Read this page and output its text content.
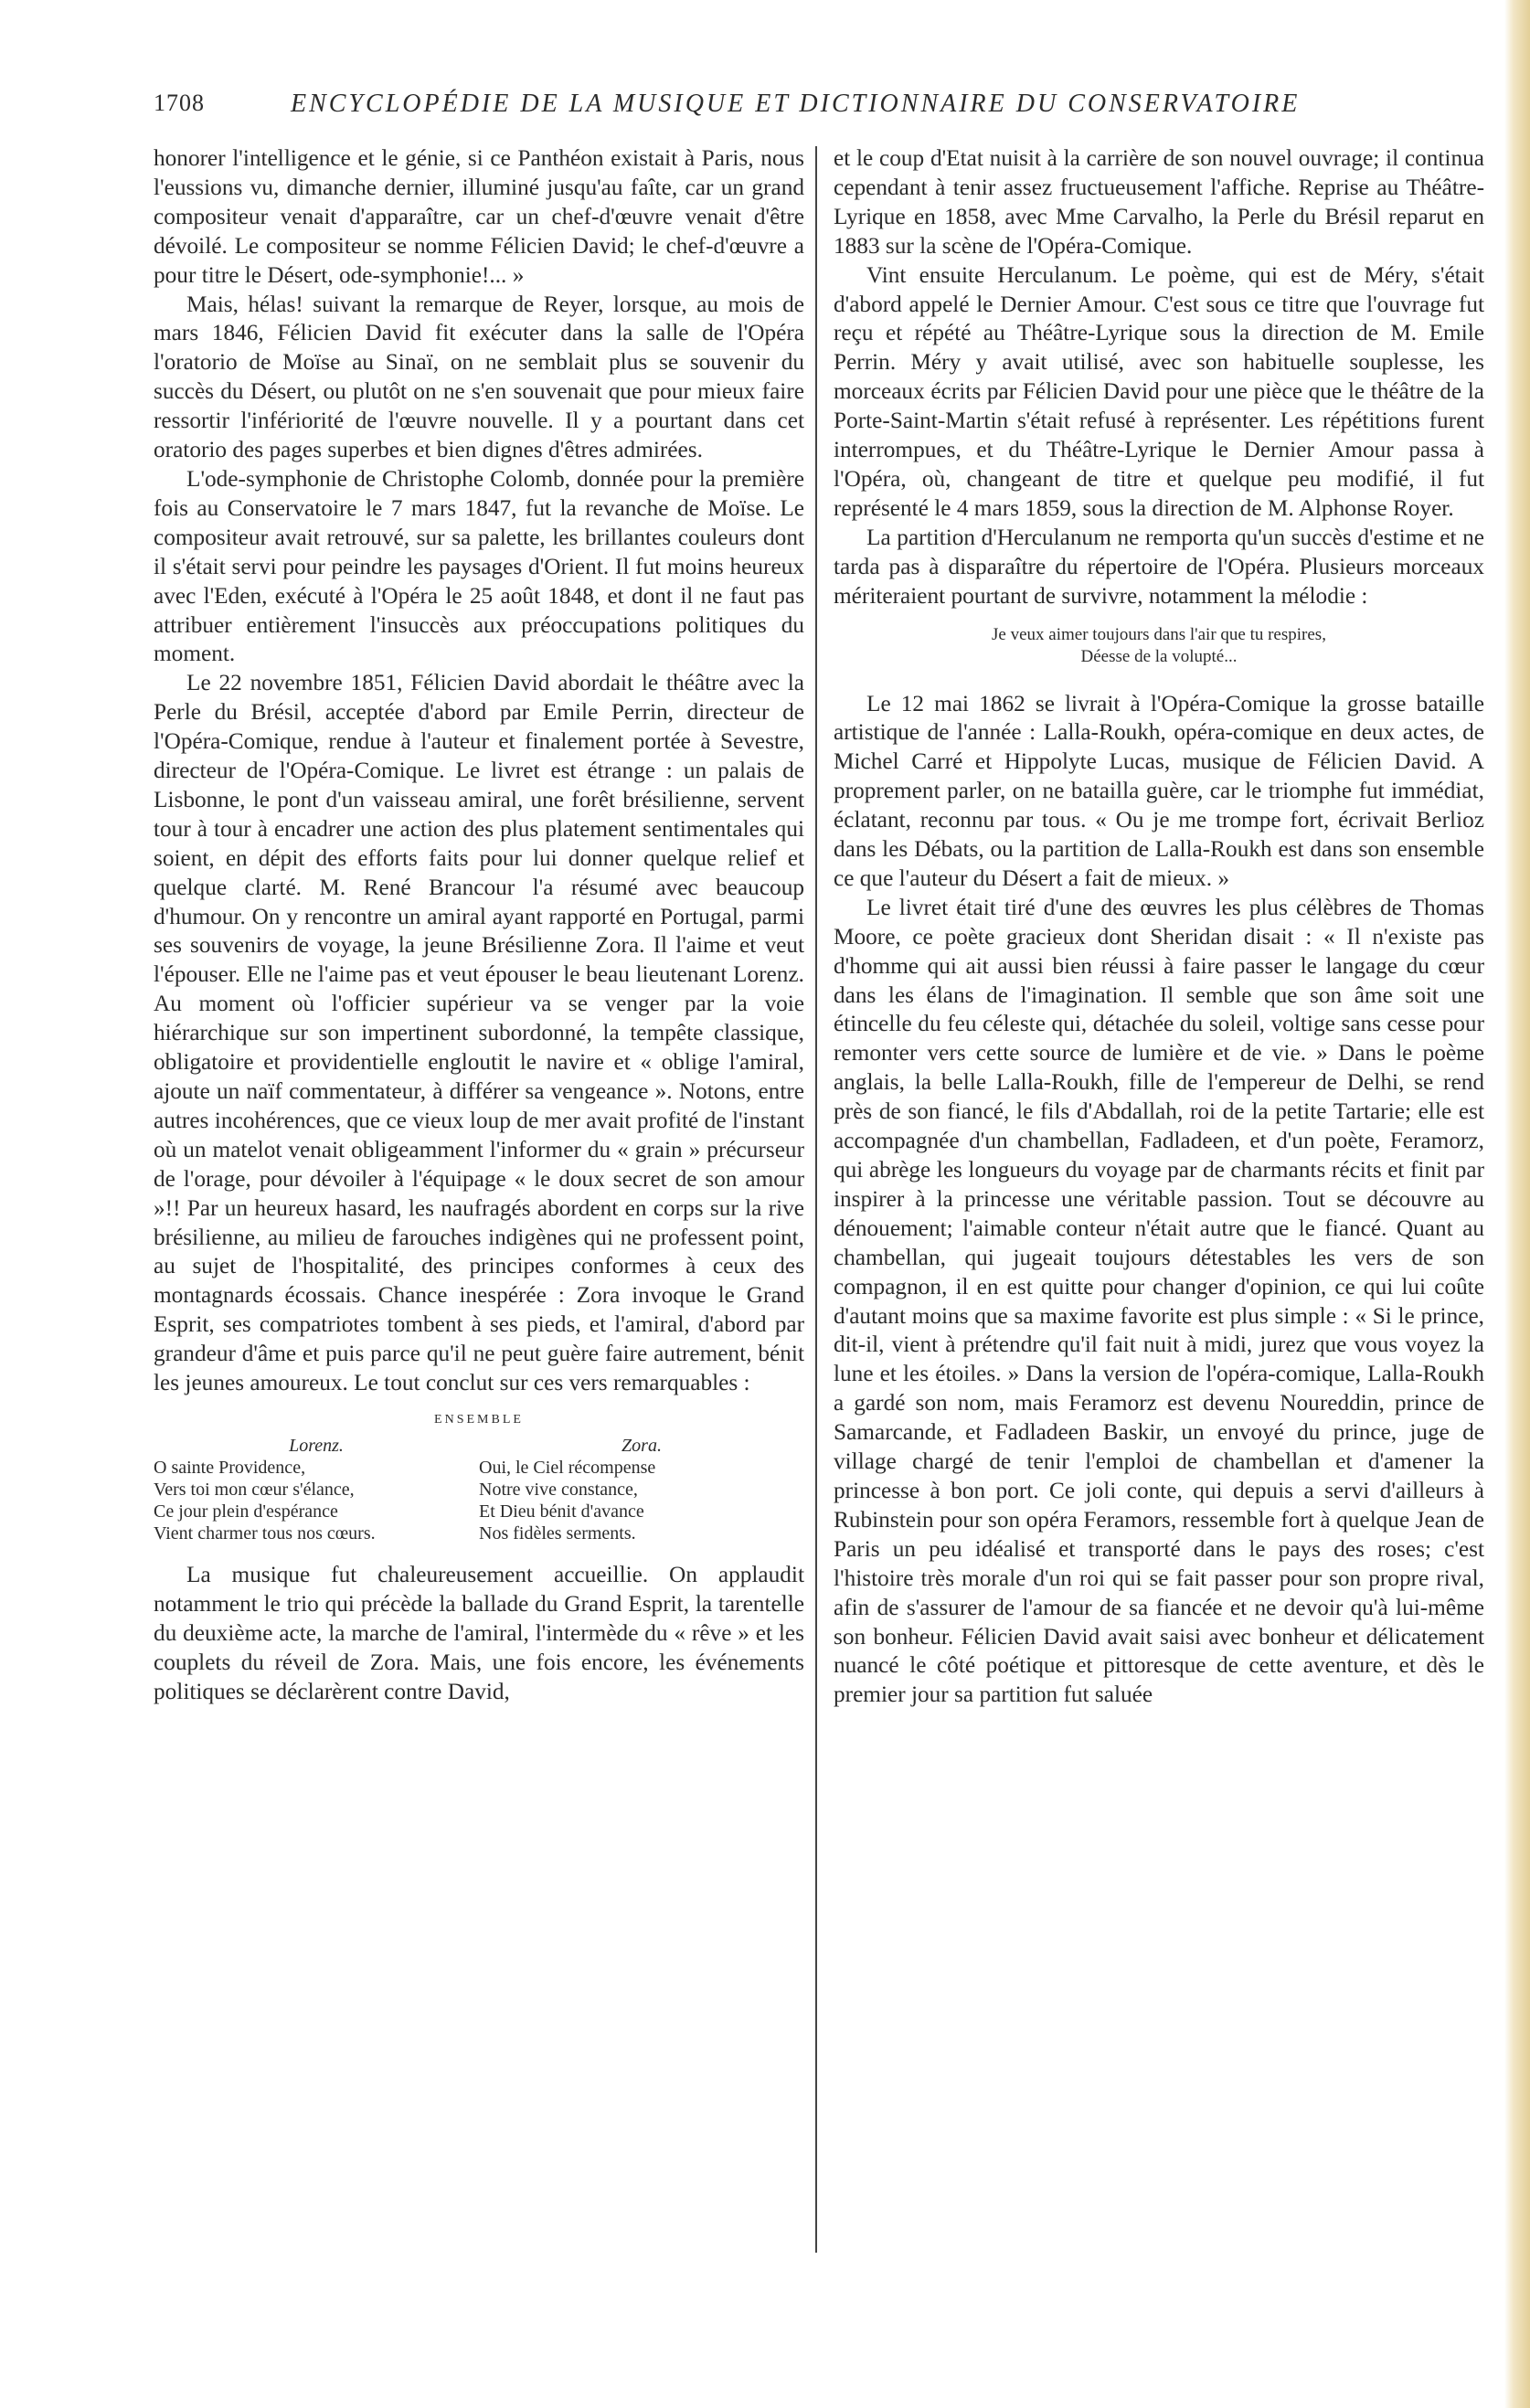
1708	ENCYCLOPÉDIE DE LA MUSIQUE ET DICTIONNAIRE DU CONSERVATOIRE

honorer l'intelligence et le génie, si ce Panthéon existait à Paris, nous l'eussions vu, dimanche dernier, illuminé jusqu'au faîte, car un grand compositeur venait d'apparaître, car un chef-d'œuvre venait d'être dévoilé. Le compositeur se nomme Félicien David; le chef-d'œuvre a pour titre le Désert, ode-symphonie!... »

Mais, hélas! suivant la remarque de Reyer, lorsque, au mois de mars 1846, Félicien David fit exécuter dans la salle de l'Opéra l'oratorio de Moïse au Sinaï, on ne semblait plus se souvenir du succès du Désert, ou plutôt on ne s'en souvenait que pour mieux faire ressortir l'infériorité de l'œuvre nouvelle. Il y a pourtant dans cet oratorio des pages superbes et bien dignes d'êtres admirées.

L'ode-symphonie de Christophe Colomb, donnée pour la première fois au Conservatoire le 7 mars 1847, fut la revanche de Moïse. Le compositeur avait retrouvé, sur sa palette, les brillantes couleurs dont il s'était servi pour peindre les paysages d'Orient. Il fut moins heureux avec l'Eden, exécuté à l'Opéra le 25 août 1848, et dont il ne faut pas attribuer entièrement l'insuccès aux préoccupations politiques du moment.

Le 22 novembre 1851, Félicien David abordait le théâtre avec la Perle du Brésil, acceptée d'abord par Emile Perrin, directeur de l'Opéra-Comique, rendue à l'auteur et finalement portée à Sevestre, directeur de l'Opéra-Comique. Le livret est étrange : un palais de Lisbonne, le pont d'un vaisseau amiral, une forêt brésilienne, servent tour à tour à encadrer une action des plus platement sentimentales qui soient, en dépit des efforts faits pour lui donner quelque relief et quelque clarté. M. René Brancour l'a résumé avec beaucoup d'humour. On y rencontre un amiral ayant rapporté en Portugal, parmi ses souvenirs de voyage, la jeune Brésilienne Zora. Il l'aime et veut l'épouser. Elle ne l'aime pas et veut épouser le beau lieutenant Lorenz. Au moment où l'officier supérieur va se venger par la voie hiérarchique sur son impertinent subordonné, la tempête classique, obligatoire et providentielle engloutit le navire et « oblige l'amiral, ajoute un naïf commentateur, à différer sa vengeance ». Notons, entre autres incohérences, que ce vieux loup de mer avait profité de l'instant où un matelot venait obligeamment l'informer du « grain » précurseur de l'orage, pour dévoiler à l'équipage « le doux secret de son amour »!! Par un heureux hasard, les naufragés abordent en corps sur la rive brésilienne, au milieu de farouches indigènes qui ne professent point, au sujet de l'hospitalité, des principes conformes à ceux des montagnards écossais. Chance inespérée : Zora invoque le Grand Esprit, ses compatriotes tombent à ses pieds, et l'amiral, d'abord par grandeur d'âme et puis parce qu'il ne peut guère faire autrement, bénit les jeunes amoureux. Le tout conclut sur ces vers remarquables :

ENSEMBLE
Lorenz.	Zora.
O sainte Providence,	Oui, le Ciel récompense
Vers toi mon cœur s'élance,	Notre vive constance,
Ce jour plein d'espérance	Et Dieu bénit d'avance
Vient charmer tous nos cœurs.	Nos fidèles serments.

La musique fut chaleureusement accueillie. On applaudit notamment le trio qui précède la ballade du Grand Esprit, la tarentelle du deuxième acte, la marche de l'amiral, l'intermède du « rêve » et les couplets du réveil de Zora. Mais, une fois encore, les événements politiques se déclarèrent contre David,

et le coup d'Etat nuisit à la carrière de son nouvel ouvrage; il continua cependant à tenir assez fructueusement l'affiche. Reprise au Théâtre-Lyrique en 1858, avec Mme Carvalho, la Perle du Brésil reparut en 1883 sur la scène de l'Opéra-Comique.

Vint ensuite Herculanum. Le poème, qui est de Méry, s'était d'abord appelé le Dernier Amour. C'est sous ce titre que l'ouvrage fut reçu et répété au Théâtre-Lyrique sous la direction de M. Emile Perrin. Méry y avait utilisé, avec son habituelle souplesse, les morceaux écrits par Félicien David pour une pièce que le théâtre de la Porte-Saint-Martin s'était refusé à représenter. Les répétitions furent interrompues, et du Théâtre-Lyrique le Dernier Amour passa à l'Opéra, où, changeant de titre et quelque peu modifié, il fut représenté le 4 mars 1859, sous la direction de M. Alphonse Royer.

La partition d'Herculanum ne remporta qu'un succès d'estime et ne tarda pas à disparaître du répertoire de l'Opéra. Plusieurs morceaux mériteraient pourtant de survivre, notamment la mélodie :

Je veux aimer toujours dans l'air que tu respires,
Déesse de la volupté...

Le 12 mai 1862 se livrait à l'Opéra-Comique la grosse bataille artistique de l'année : Lalla-Roukh, opéra-comique en deux actes, de Michel Carré et Hippolyte Lucas, musique de Félicien David. A proprement parler, on ne batailla guère, car le triomphe fut immédiat, éclatant, reconnu par tous. « Ou je me trompe fort, écrivait Berlioz dans les Débats, ou la partition de Lalla-Roukh est dans son ensemble ce que l'auteur du Désert a fait de mieux. »

Le livret était tiré d'une des œuvres les plus célèbres de Thomas Moore, ce poète gracieux dont Sheridan disait : « Il n'existe pas d'homme qui ait aussi bien réussi à faire passer le langage du cœur dans les élans de l'imagination. Il semble que son âme soit une étincelle du feu céleste qui, détachée du soleil, voltige sans cesse pour remonter vers cette source de lumière et de vie. » Dans le poème anglais, la belle Lalla-Roukh, fille de l'empereur de Delhi, se rend près de son fiancé, le fils d'Abdallah, roi de la petite Tartarie; elle est accompagnée d'un chambellan, Fadladeen, et d'un poète, Feramorz, qui abrège les longueurs du voyage par de charmants récits et finit par inspirer à la princesse une véritable passion. Tout se découvre au dénouement; l'aimable conteur n'était autre que le fiancé. Quant au chambellan, qui jugeait toujours détestables les vers de son compagnon, il en est quitte pour changer d'opinion, ce qui lui coûte d'autant moins que sa maxime favorite est plus simple : « Si le prince, dit-il, vient à prétendre qu'il fait nuit à midi, jurez que vous voyez la lune et les étoiles. » Dans la version de l'opéra-comique, Lalla-Roukh a gardé son nom, mais Feramorz est devenu Noureddin, prince de Samarcande, et Fadladeen Baskir, un envoyé du prince, juge de village chargé de tenir l'emploi de chambellan et d'amener la princesse à bon port. Ce joli conte, qui depuis a servi d'ailleurs à Rubinstein pour son opéra Feramors, ressemble fort à quelque Jean de Paris un peu idéalisé et transporté dans le pays des roses; c'est l'histoire très morale d'un roi qui se fait passer pour son propre rival, afin de s'assurer de l'amour de sa fiancée et ne devoir qu'à lui-même son bonheur. Félicien David avait saisi avec bonheur et délicatement nuancé le côté poétique et pittoresque de cette aventure, et dès le premier jour sa partition fut saluée
